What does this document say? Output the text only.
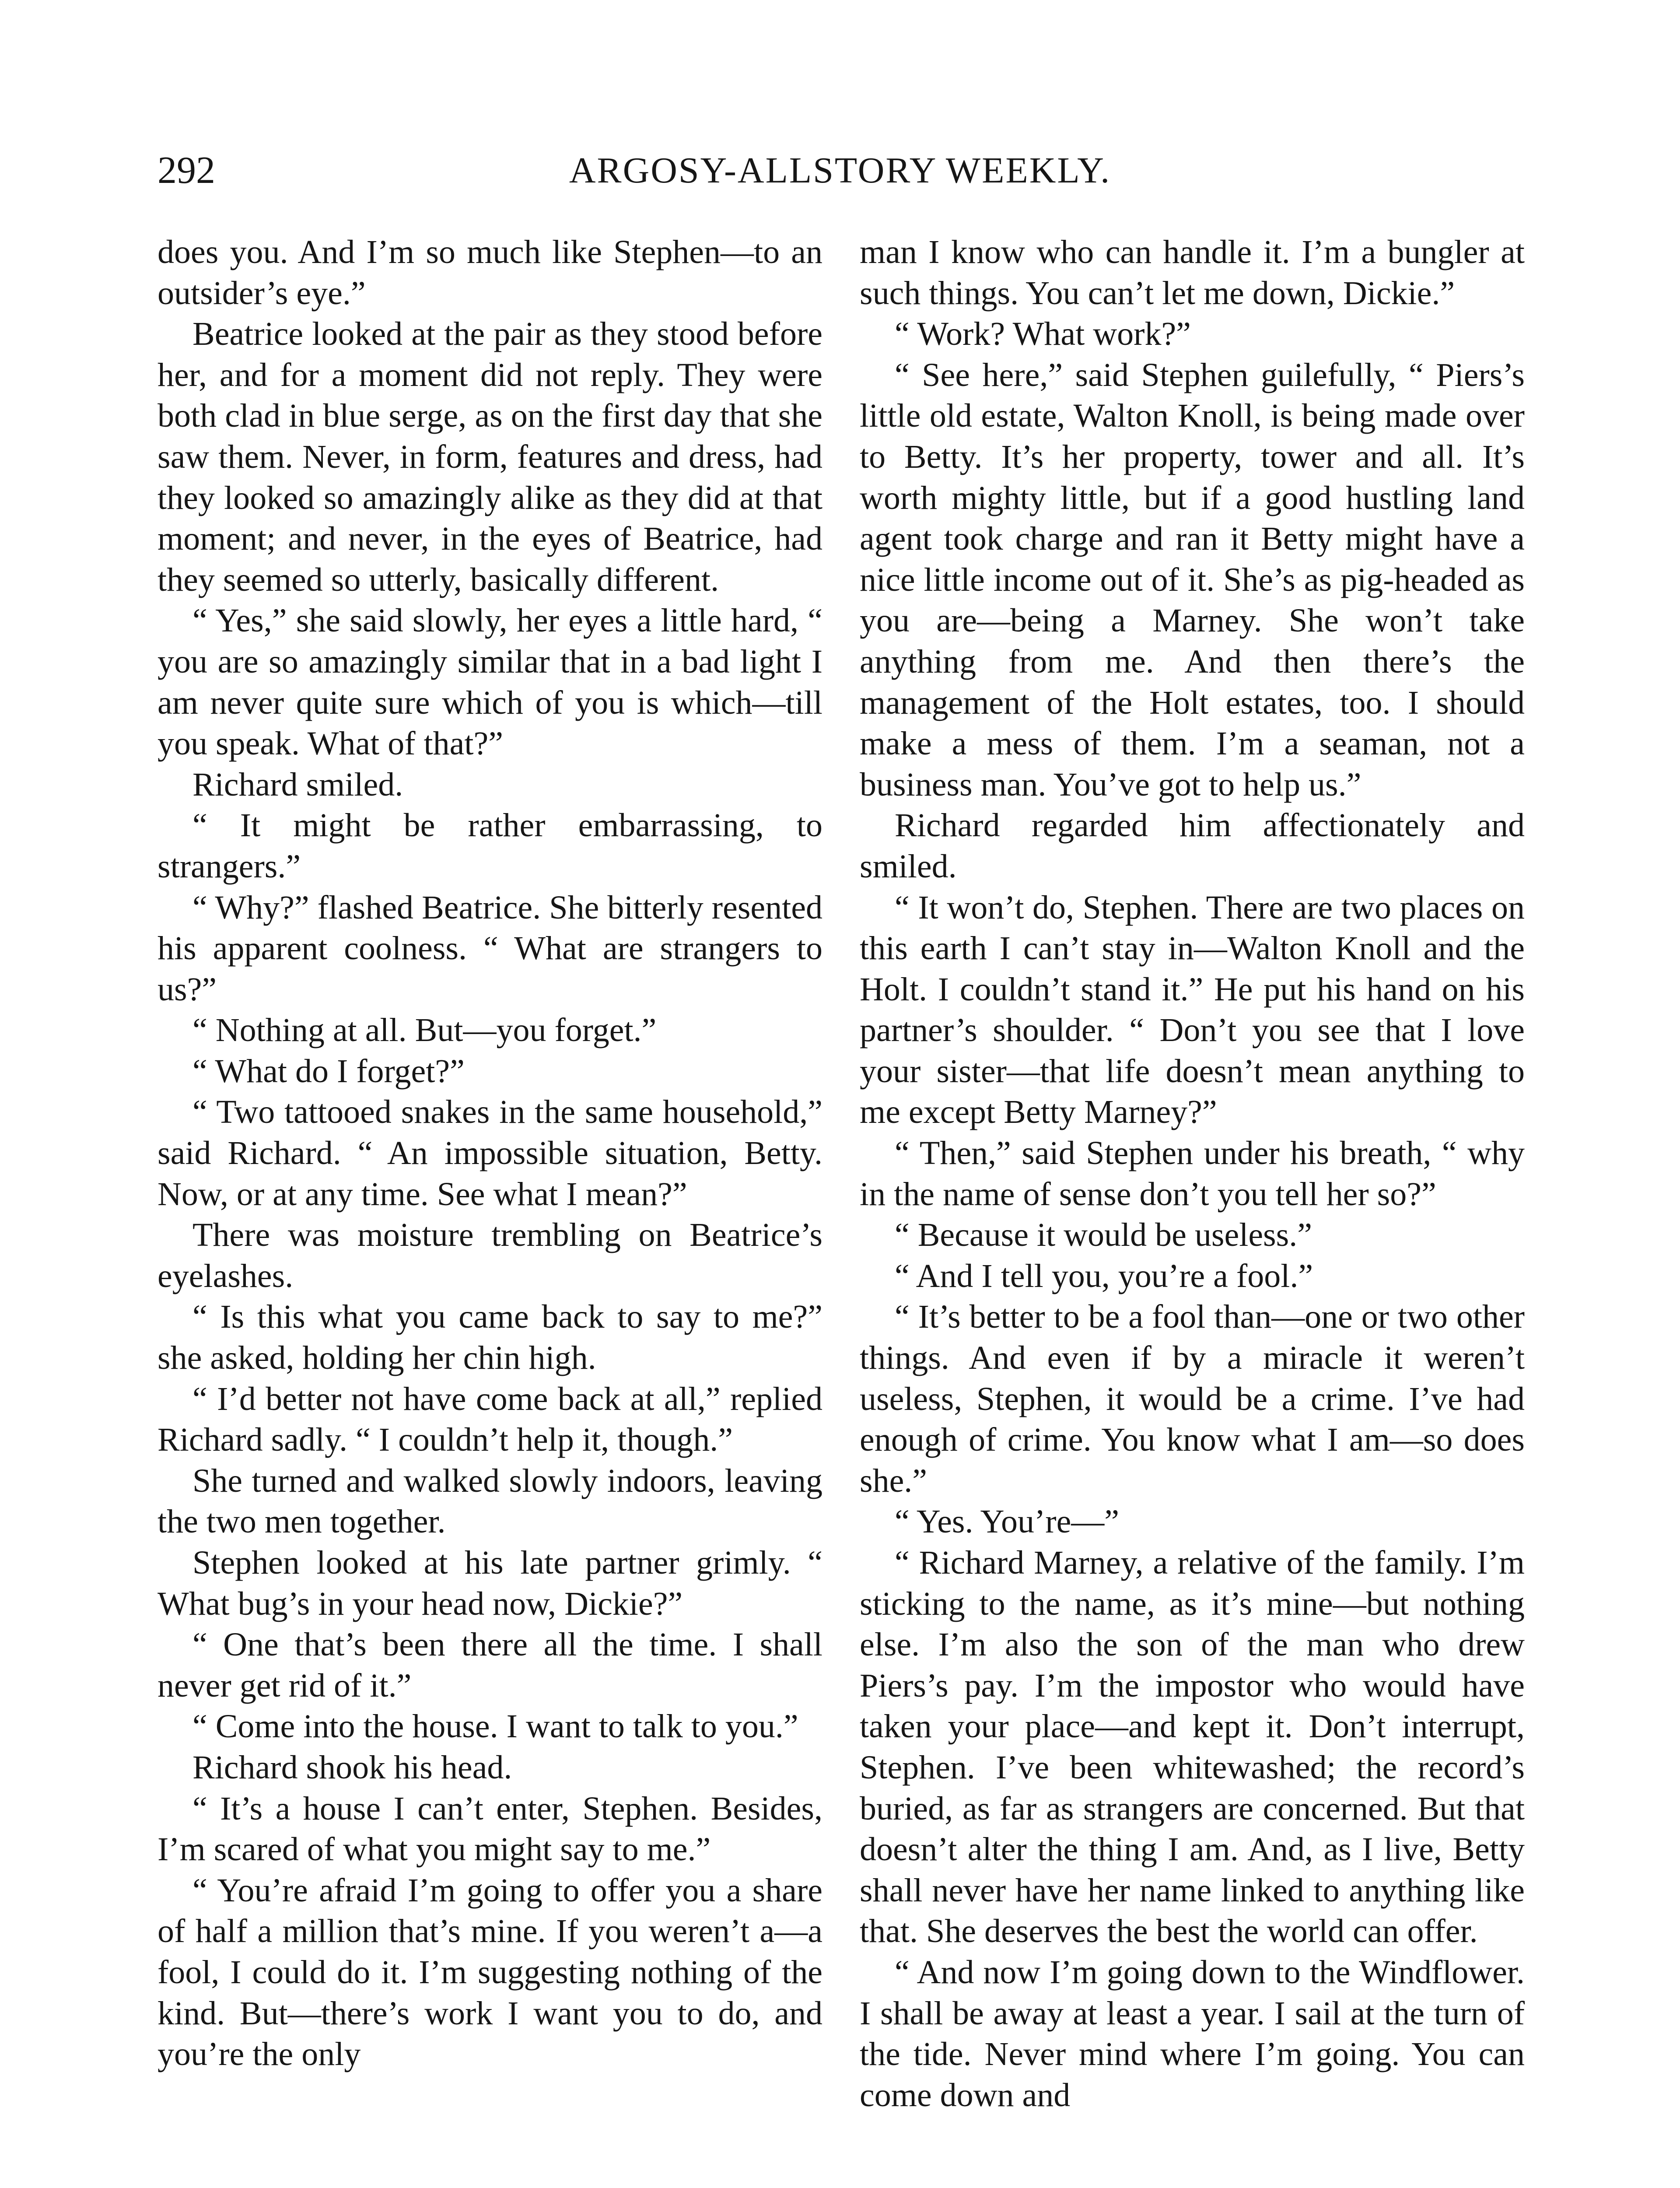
ARGOSY-ALLSTORY WEEKLY.
292

does you. And I’m so much like Stephen—to an outsider’s eye.”

Beatrice looked at the pair as they stood before her, and for a moment did not reply. They were both clad in blue serge, as on the first day that she saw them. Never, in form, features and dress, had they looked so amazingly alike as they did at that moment; and never, in the eyes of Beatrice, had they seemed so utterly, basically different.

“ Yes,” she said slowly, her eyes a little hard, “ you are so amazingly similar that in a bad light I am never quite sure which of you is which—till you speak. What of that?”

Richard smiled.

“ It might be rather embarrassing, to strangers.”

“ Why?” flashed Beatrice. She bitterly resented his apparent coolness. “ What are strangers to us?”

“ Nothing at all. But—you forget.”

“ What do I forget?”

“ Two tattooed snakes in the same household,” said Richard. “ An impossible situation, Betty. Now, or at any time. See what I mean?”

There was moisture trembling on Beatrice’s eyelashes.

“ Is this what you came back to say to me?” she asked, holding her chin high.

“ I’d better not have come back at all,” replied Richard sadly. “ I couldn’t help it, though.”

She turned and walked slowly indoors, leaving the two men together.

Stephen looked at his late partner grimly. “ What bug’s in your head now, Dickie?”

“ One that’s been there all the time. I shall never get rid of it.”

“ Come into the house. I want to talk to you.”

Richard shook his head.

“ It’s a house I can’t enter, Stephen. Besides, I’m scared of what you might say to me.”

“ You’re afraid I’m going to offer you a share of half a million that’s mine. If you weren’t a—a fool, I could do it. I’m suggesting nothing of the kind. But—there’s work I want you to do, and you’re the only

man I know who can handle it. I’m a bungler at such things. You can’t let me down, Dickie.”

“ Work? What work?”

“ See here,” said Stephen guilefully, “ Piers’s little old estate, Walton Knoll, is being made over to Betty. It’s her property, tower and all. It’s worth mighty little, but if a good hustling land agent took charge and ran it Betty might have a nice little income out of it. She’s as pig-headed as you are—being a Marney. She won’t take anything from me. And then there’s the management of the Holt estates, too. I should make a mess of them. I’m a seaman, not a business man. You’ve got to help us.”

Richard regarded him affectionately and smiled.

“ It won’t do, Stephen. There are two places on this earth I can’t stay in—Walton Knoll and the Holt. I couldn’t stand it.” He put his hand on his partner’s shoulder. “ Don’t you see that I love your sister—that life doesn’t mean anything to me except Betty Marney?”

“ Then,” said Stephen under his breath, “ why in the name of sense don’t you tell her so?”

“ Because it would be useless.”

“ And I tell you, you’re a fool.”

“ It’s better to be a fool than—one or two other things. And even if by a miracle it weren’t useless, Stephen, it would be a crime. I’ve had enough of crime. You know what I am—so does she.”

“ Yes. You’re—”

“ Richard Marney, a relative of the family. I’m sticking to the name, as it’s mine—but nothing else. I’m also the son of the man who drew Piers’s pay. I’m the impostor who would have taken your place—and kept it. Don’t interrupt, Stephen. I’ve been whitewashed; the record’s buried, as far as strangers are concerned. But that doesn’t alter the thing I am. And, as I live, Betty shall never have her name linked to anything like that. She deserves the best the world can offer.

“ And now I’m going down to the Windflower. I shall be away at least a year. I sail at the turn of the tide. Never mind where I’m going. You can come down and
